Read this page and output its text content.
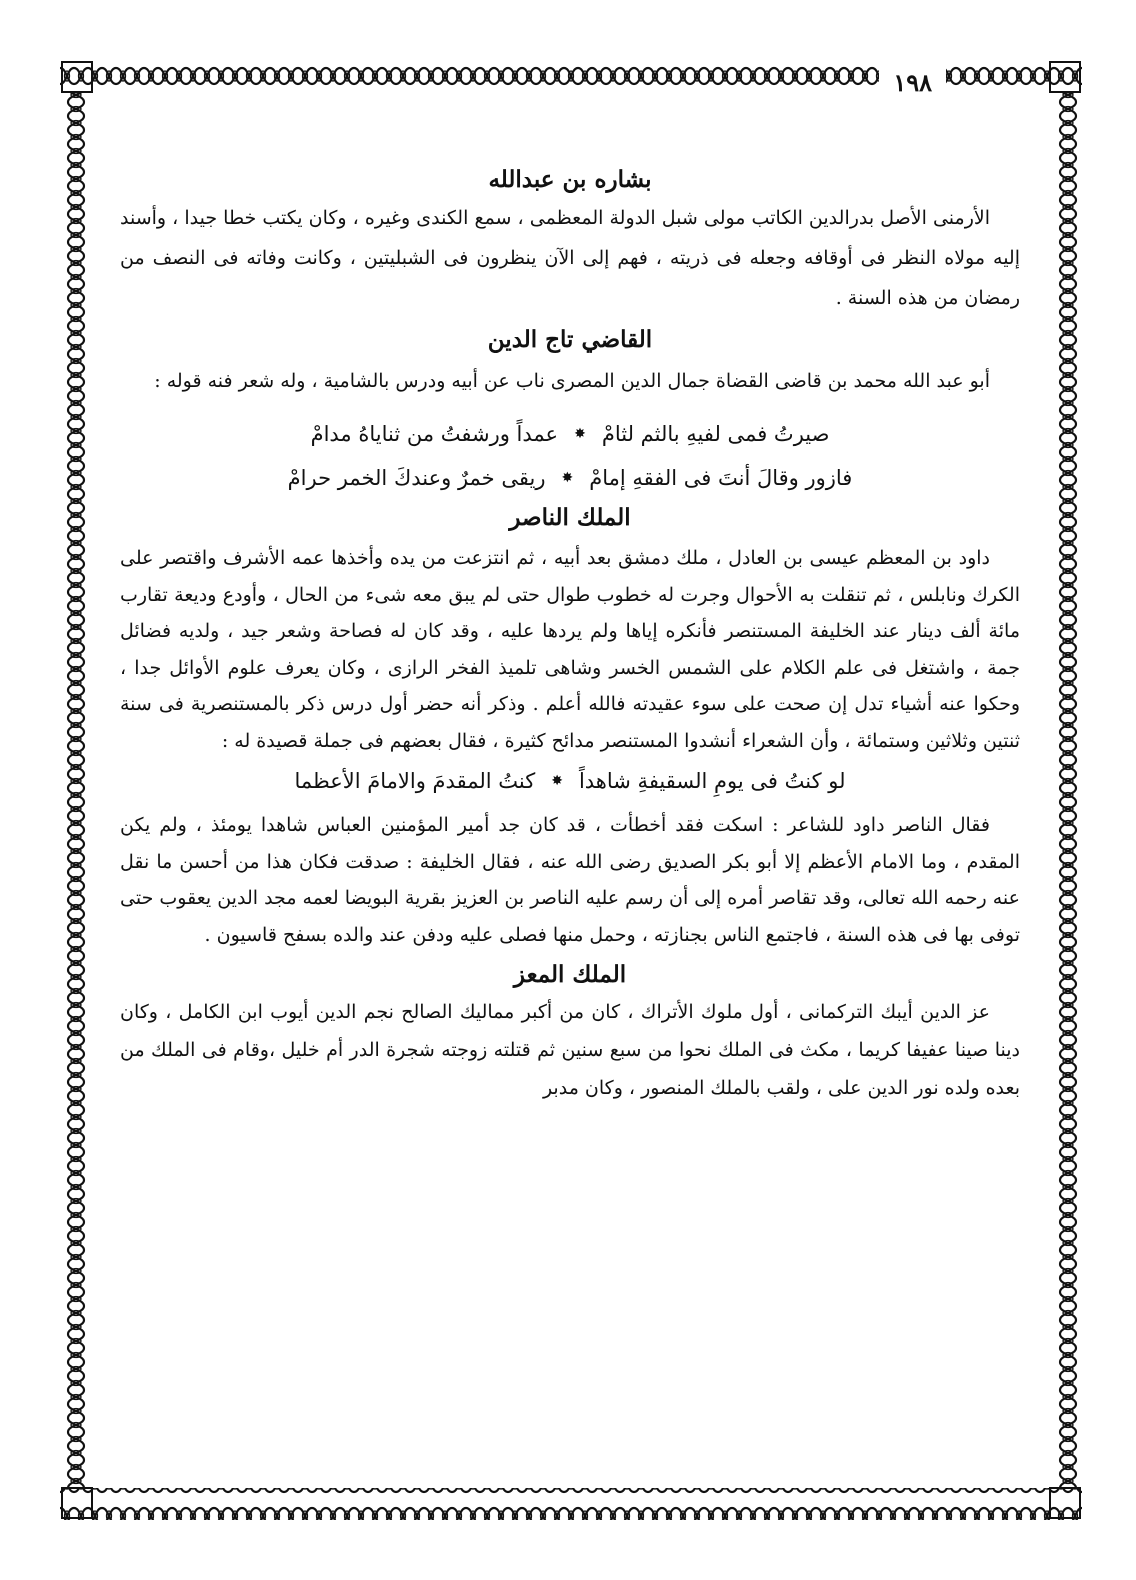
١٩٨
بشاره بن عبدالله

الأرمنى الأصل بدرالدين الكاتب مولى شبل الدولة المعظمى ، سمع الكندى وغيره ، وكان يكتب خطا جيدا ، وأسند إليه مولاه النظر فى أوقافه وجعله فى ذريته ، فهم إلى الآن ينظرون فى الشبليتين ، وكانت وفاته فى النصف من رمضان من هذه السنة .

القاضي تاج الدين

أبو عبد الله محمد بن قاضى القضاة جمال الدين المصرى ناب عن أبيه ودرس بالشامية ، وله شعر فنه قوله :

صيرتُ فمى لفيهِ بالثم لثامْ
✸
عمداً ورشفتُ من ثناياهُ مدامْ
فازور وقالَ أنتَ فى الفقهِ إمامْ
✸
ريقى خمرٌ وعندكَ الخمر حرامْ
الملك الناصر

داود بن المعظم عيسى بن العادل ، ملك دمشق بعد أبيه ، ثم انتزعت من يده وأخذها عمه الأشرف واقتصر على الكرك ونابلس ، ثم تنقلت به الأحوال وجرت له خطوب طوال حتى لم يبق معه شىء من الحال ، وأودع وديعة تقارب مائة ألف دينار عند الخليفة المستنصر فأنكره إياها ولم يردها عليه ، وقد كان له فصاحة وشعر جيد ، ولديه فضائل جمة ، واشتغل فى علم الكلام على الشمس الخسر وشاهى تلميذ الفخر الرازى ، وكان يعرف علوم الأوائل جدا ، وحكوا عنه أشياء تدل إن صحت على سوء عقيدته فالله أعلم . وذكر أنه حضر أول درس ذكر بالمستنصرية فى سنة ثنتين وثلاثين وستمائة ، وأن الشعراء أنشدوا المستنصر مدائح كثيرة ، فقال بعضهم فى جملة قصيدة له :

لو كنتُ فى يومِ السقيفةِ شاهداً
✸
كنتُ المقدمَ والامامَ الأعظما

فقال الناصر داود للشاعر : اسكت فقد أخطأت ، قد كان جد أمير المؤمنين العباس شاهدا يومئذ ، ولم يكن المقدم ، وما الامام الأعظم إلا أبو بكر الصديق رضى الله عنه ، فقال الخليفة : صدقت فكان هذا من أحسن ما نقل عنه رحمه الله تعالى، وقد تقاصر أمره إلى أن رسم عليه الناصر بن العزيز بقرية البويضا لعمه مجد الدين يعقوب حتى توفى بها فى هذه السنة ، فاجتمع الناس بجنازته ، وحمل منها فصلى عليه ودفن عند والده بسفح قاسيون .

الملك المعز

عز الدين أيبك التركمانى ، أول ملوك الأتراك ، كان من أكبر مماليك الصالح نجم الدين أيوب ابن الكامل ، وكان دينا صينا عفيفا كريما ، مكث فى الملك نحوا من سبع سنين ثم قتلته زوجته شجرة الدر أم خليل ،وقام فى الملك من بعده ولده نور الدين على ، ولقب بالملك المنصور ، وكان مدبر
